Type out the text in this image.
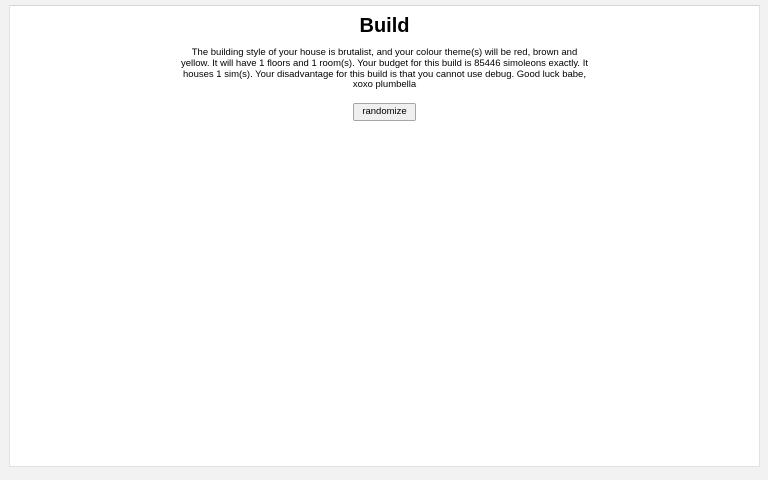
Build

The building style of your house is brutalist, and your colour theme(s) will be red, brown and yellow. It will have 1 floors and 1 room(s). Your budget for this build is 85446 simoleons exactly. It houses 1 sim(s). Your disadvantage for this build is that you cannot use debug. Good luck babe, xoxo plumbella

randomize
